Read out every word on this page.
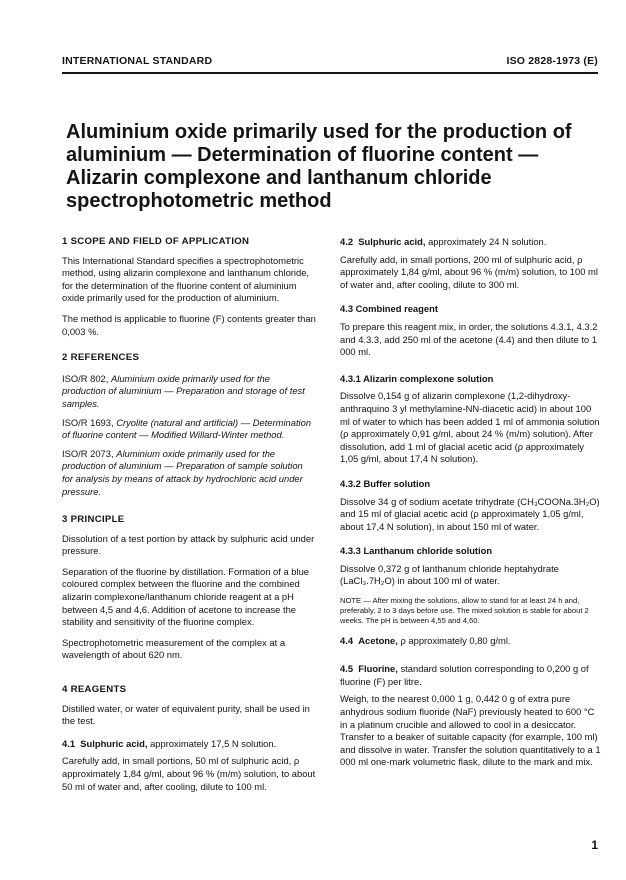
INTERNATIONAL STANDARD	ISO 2828-1973 (E)
Aluminium oxide primarily used for the production of aluminium — Determination of fluorine content — Alizarin complexone and lanthanum chloride spectrophotometric method

1 SCOPE AND FIELD OF APPLICATION

This International Standard specifies a spectrophotometric method, using alizarin complexone and lanthanum chloride, for the determination of the fluorine content of aluminium oxide primarily used for the production of aluminium.

The method is applicable to fluorine (F) contents greater than 0,003 %.

2 REFERENCES

ISO/R 802, Aluminium oxide primarily used for the production of aluminium — Preparation and storage of test samples.

ISO/R 1693, Cryolite (natural and artificial) — Determination of fluorine content — Modified Willard-Winter method.

ISO/R 2073, Aluminium oxide primarily used for the production of aluminium — Preparation of sample solution for analysis by means of attack by hydrochloric acid under pressure.

3 PRINCIPLE

Dissolution of a test portion by attack by sulphuric acid under pressure.

Separation of the fluorine by distillation. Formation of a blue coloured complex between the fluorine and the combined alizarin complexone/lanthanum chloride reagent at a pH between 4,5 and 4,6. Addition of acetone to increase the stability and sensitivity of the fluorine complex.

Spectrophotometric measurement of the complex at a wavelength of about 620 nm.

4 REAGENTS

Distilled water, or water of equivalent purity, shall be used in the test.

4.1 Sulphuric acid, approximately 17,5 N solution.

Carefully add, in small portions, 50 ml of sulphuric acid, ρ approximately 1,84 g/ml, about 96 % (m/m) solution, to about 50 ml of water and, after cooling, dilute to 100 ml.

4.2 Sulphuric acid, approximately 24 N solution.

Carefully add, in small portions, 200 ml of sulphuric acid, ρ approximately 1,84 g/ml, about 96 % (m/m) solution, to 100 ml of water and, after cooling, dilute to 300 ml.

4.3 Combined reagent

To prepare this reagent mix, in order, the solutions 4.3.1, 4.3.2 and 4.3.3, add 250 ml of the acetone (4.4) and then dilute to 1 000 ml.

4.3.1 Alizarin complexone solution

Dissolve 0,154 g of alizarin complexone (1,2-dihydroxy-anthraquino 3 yl methylamine-NN-diacetic acid) in about 100 ml of water to which has been added 1 ml of ammonia solution (ρ approximately 0,91 g/ml, about 24 % (m/m) solution). After dissolution, add 1 ml of glacial acetic acid (ρ approximately 1,05 g/ml, about 17,4 N solution).

4.3.2 Buffer solution

Dissolve 34 g of sodium acetate trihydrate (CH₃COONa.3H₂O) and 15 ml of glacial acetic acid (ρ approximately 1,05 g/ml, about 17,4 N solution), in about 150 ml of water.

4.3.3 Lanthanum chloride solution

Dissolve 0,372 g of lanthanum chloride heptahydrate (LaCl₃.7H₂O) in about 100 ml of water.

NOTE — After mixing the solutions, allow to stand for at least 24 h and, preferably, 2 to 3 days before use. The mixed solution is stable for about 2 weeks. The pH is between 4,55 and 4,60.

4.4 Acetone, ρ approximately 0,80 g/ml.

4.5 Fluorine, standard solution corresponding to 0,200 g of fluorine (F) per litre.

Weigh, to the nearest 0,000 1 g, 0,442 0 g of extra pure anhydrous sodium fluoride (NaF) previously heated to 600 °C in a platinum crucible and allowed to cool in a desiccator. Transfer to a beaker of suitable capacity (for example, 100 ml) and dissolve in water. Transfer the solution quantitatively to a 1 000 ml one-mark volumetric flask, dilute to the mark and mix.

1
